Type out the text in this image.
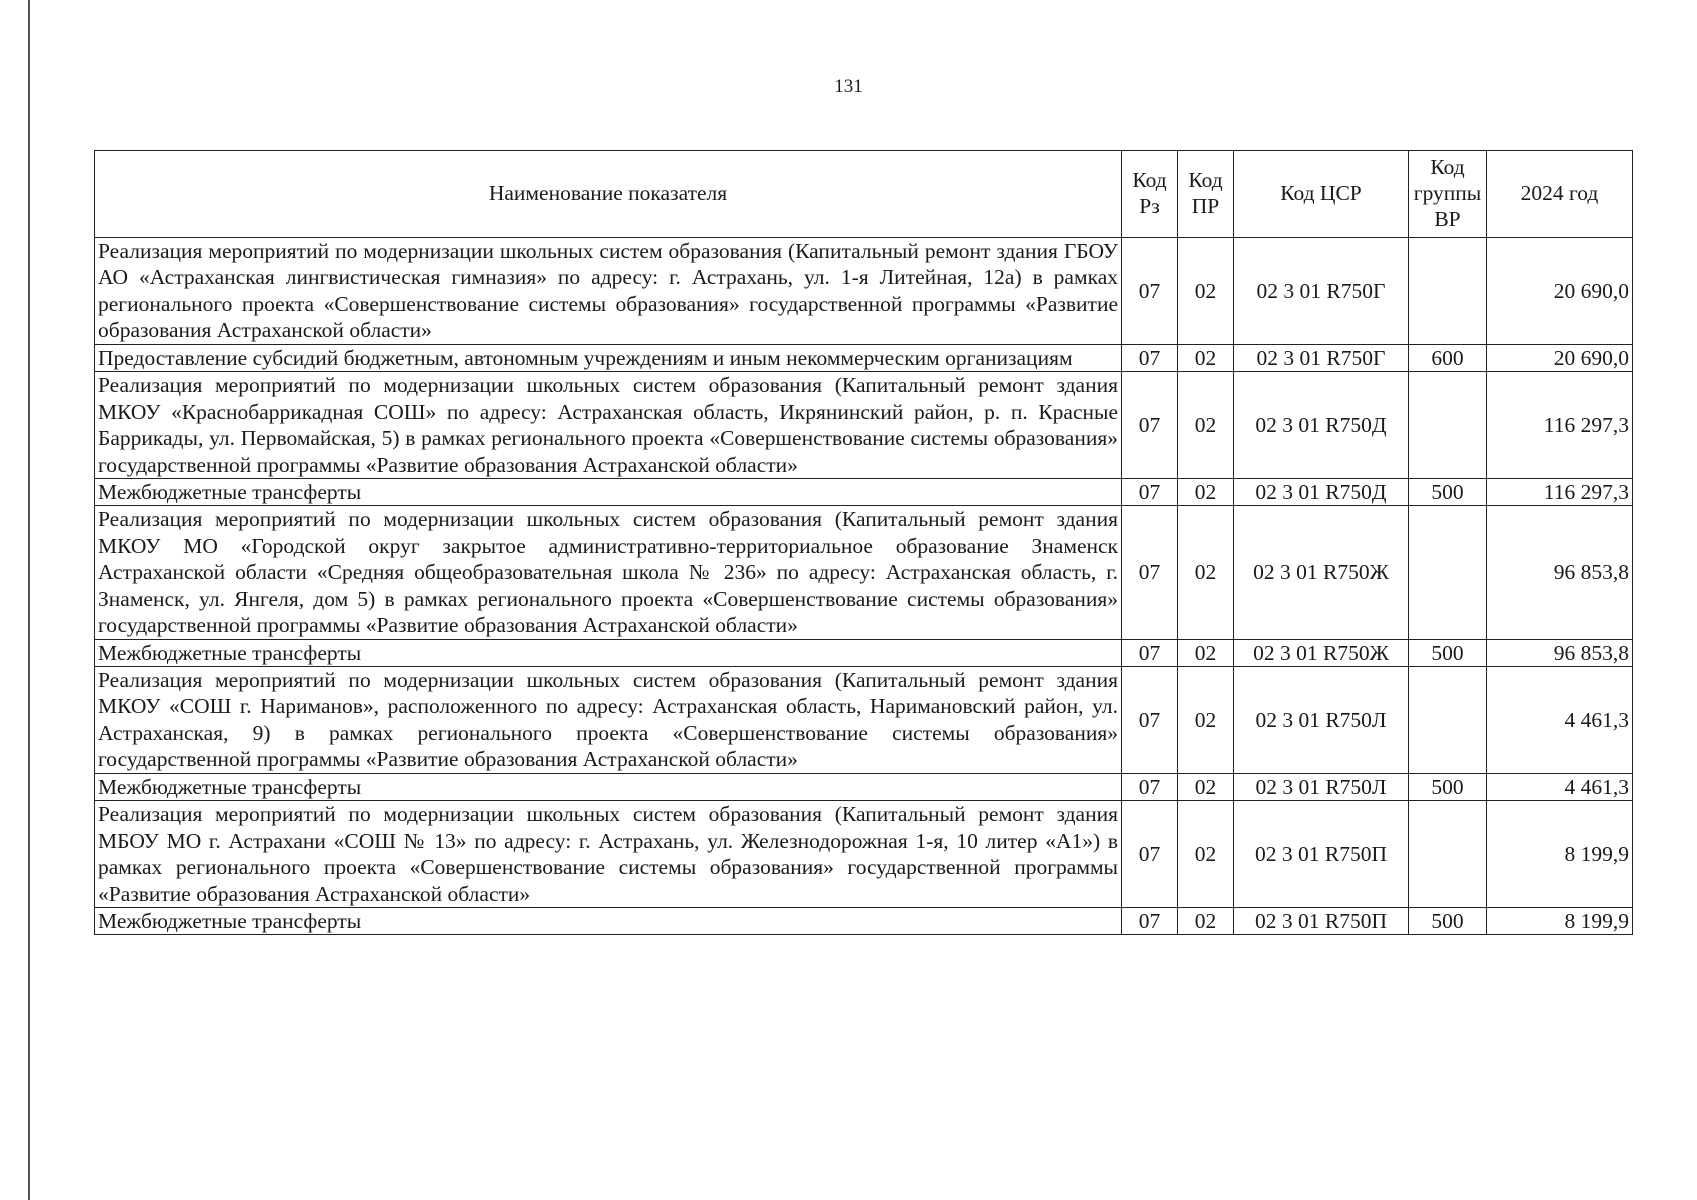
131
Наименование показателя	Код Рз	Код ПР	Код ЦСР	Код группы ВР	2024 год
Реализация мероприятий по модернизации школьных систем образования (Капитальный ремонт здания ГБОУ АО «Астраханская лингвистическая гимназия» по адресу: г. Астрахань, ул. 1-я Литейная, 12а) в рамках регионального проекта «Совершенствование системы образования» государственной программы «Развитие образования Астраханской области»	07	02	02 3 01 R750Г		20 690,0
Предоставление субсидий бюджетным, автономным учреждениям и иным некоммерческим организациям	07	02	02 3 01 R750Г	600	20 690,0
Реализация мероприятий по модернизации школьных систем образования (Капитальный ремонт здания МКОУ «Краснобаррикадная СОШ» по адресу: Астраханская область, Икрянинский район, р. п. Красные Баррикады, ул. Первомайская, 5) в рамках регионального проекта «Совершенствование системы образования» государственной программы «Развитие образования Астраханской области»	07	02	02 3 01 R750Д		116 297,3
Межбюджетные трансферты	07	02	02 3 01 R750Д	500	116 297,3
Реализация мероприятий по модернизации школьных систем образования (Капитальный ремонт здания МКОУ МО «Городской округ закрытое административно-территориальное образование Знаменск Астраханской области «Средняя общеобразовательная школа № 236» по адресу: Астраханская область, г. Знаменск, ул. Янгеля, дом 5) в рамках регионального проекта «Совершенствование системы образования» государственной программы «Развитие образования Астраханской области»	07	02	02 3 01 R750Ж		96 853,8
Межбюджетные трансферты	07	02	02 3 01 R750Ж	500	96 853,8
Реализация мероприятий по модернизации школьных систем образования (Капитальный ремонт здания МКОУ «СОШ г. Нариманов», расположенного по адресу: Астраханская область, Наримановский район, ул. Астраханская, 9) в рамках регионального проекта «Совершенствование системы образования» государственной программы «Развитие образования Астраханской области»	07	02	02 3 01 R750Л		4 461,3
Межбюджетные трансферты	07	02	02 3 01 R750Л	500	4 461,3
Реализация мероприятий по модернизации школьных систем образования (Капитальный ремонт здания МБОУ МО г. Астрахани «СОШ № 13» по адресу: г. Астрахань, ул. Железнодорожная 1-я, 10 литер «А1») в рамках регионального проекта «Совершенствование системы образования» государственной программы «Развитие образования Астраханской области»	07	02	02 3 01 R750П		8 199,9
Межбюджетные трансферты	07	02	02 3 01 R750П	500	8 199,9
